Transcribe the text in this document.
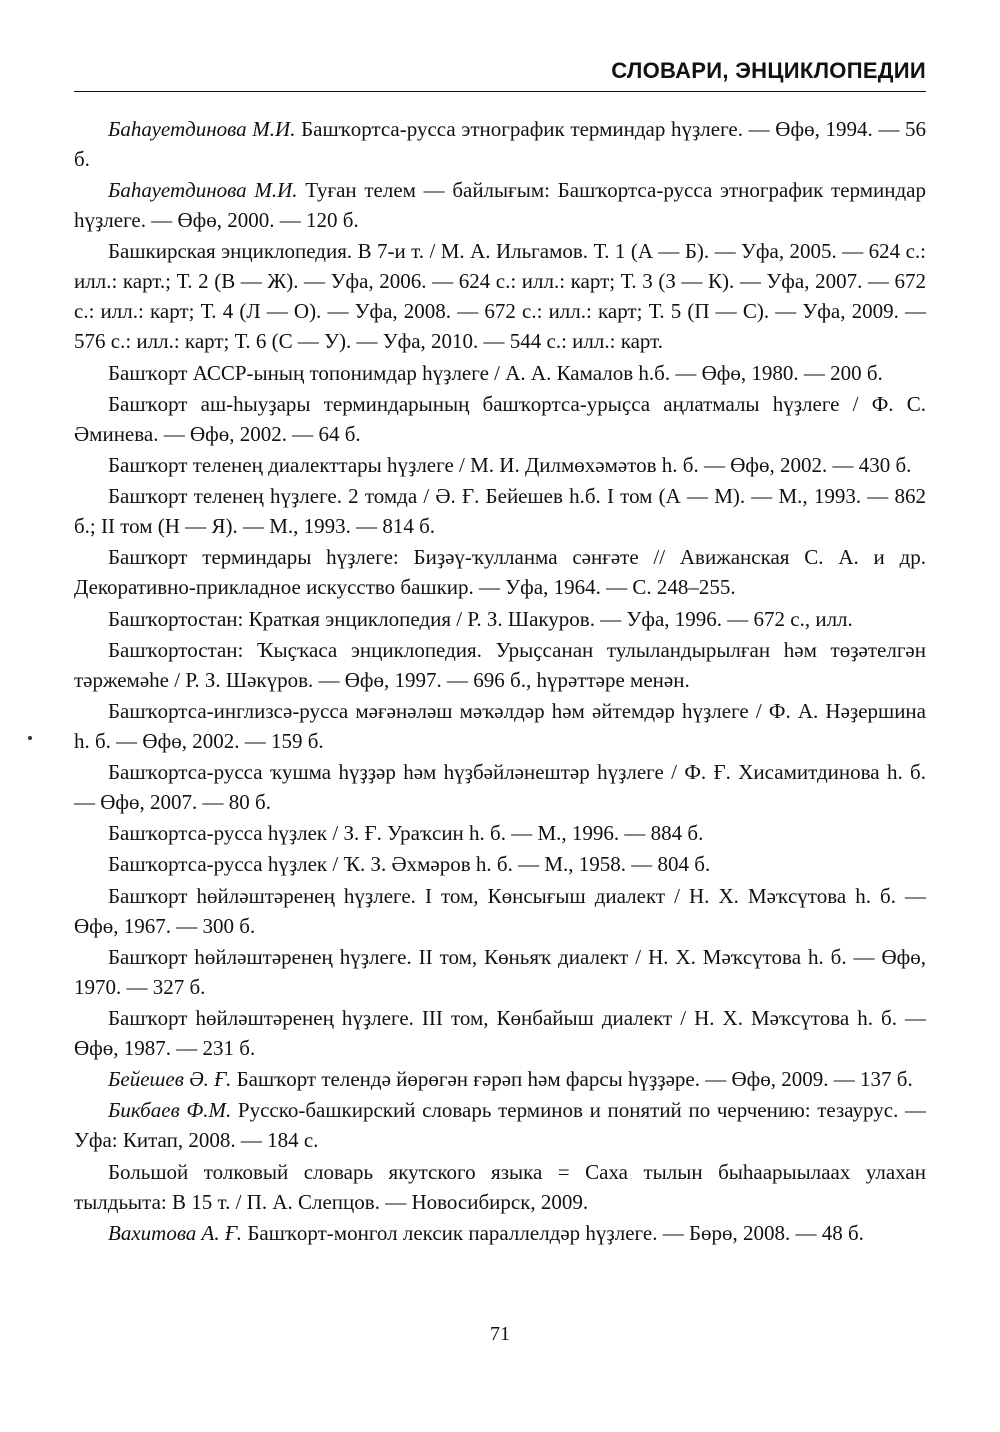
СЛОВАРИ, ЭНЦИКЛОПЕДИИ
Баһауетдинова М.И. Башҡортса-русса этнографик терминдар һүҙлеге. — Өфө, 1994. — 56 б.
Баһауетдинова М.И. Туған телем — байлығым: Башҡортса-русса этнографик терминдар һүҙлеге. — Өфө, 2000. — 120 б.
Башкирская энциклопедия. В 7-и т. / М. А. Ильгамов. Т. 1 (А — Б). — Уфа, 2005. — 624 с.: илл.: карт.; Т. 2 (В — Ж). — Уфа, 2006. — 624 с.: илл.: карт; Т. 3 (З — К). — Уфа, 2007. — 672 с.: илл.: карт; Т. 4 (Л — О). — Уфа, 2008. — 672 с.: илл.: карт; Т. 5 (П — С). — Уфа, 2009. — 576 с.: илл.: карт; Т. 6 (С — У). — Уфа, 2010. — 544 с.: илл.: карт.
Башҡорт АССР-ының топонимдар һүҙлеге / А. А. Камалов һ.б. — Өфө, 1980. — 200 б.
Башҡорт аш-һыуҙары терминдарының башҡортса-урыҫса аңлатмалы һүҙлеге / Ф. С. Әминева. — Өфө, 2002. — 64 б.
Башҡорт теленең диалекттары һүҙлеге / М. И. Дилмөхәмәтов һ. б. — Өфө, 2002. — 430 б.
Башҡорт теленең һүҙлеге. 2 томда / Ә. Ғ. Бейешев һ.б. I том (А — М). — М., 1993. — 862 б.; II том (Н — Я). — М., 1993. — 814 б.
Башҡорт терминдары һүҙлеге: Биҙәү-ҡулланма сәнғәте // Авижанская С. А. и др. Декоративно-прикладное искусство башкир. — Уфа, 1964. — С. 248–255.
Башҡортостан: Краткая энциклопедия / Р. З. Шакуров. — Уфа, 1996. — 672 с., илл.
Башҡортостан: Ҡыҫҡаса энциклопедия. Урыҫсанан тулыландырылған һәм төҙәтелгән тәржемәһе / Р. З. Шәкүров. — Өфө, 1997. — 696 б., һүрәттәре менән.
Башҡортса-инглизсә-русса мәғәнәләш мәҡәлдәр һәм әйтемдәр һүҙлеге / Ф. А. Нәҙершина һ. б. — Өфө, 2002. — 159 б.
Башҡортса-русса ҡушма һүҙҙәр һәм һүҙбәйләнештәр һүҙлеге / Ф. Ғ. Хисамитдинова һ. б. — Өфө, 2007. — 80 б.
Башҡортса-русса һүҙлек / З. Ғ. Ураҡсин һ. б. — М., 1996. — 884 б.
Башҡортса-русса һүҙлек / Ҡ. З. Әхмәров һ. б. — М., 1958. — 804 б.
Башҡорт һөйләштәренең һүҙлеге. I том, Көнсығыш диалект / Н. Х. Мәҡсүтова һ. б. — Өфө, 1967. — 300 б.
Башҡорт һөйләштәренең һүҙлеге. II том, Көньяҡ диалект / Н. Х. Мәҡсүтова һ. б. — Өфө, 1970. — 327 б.
Башҡорт һөйләштәренең һүҙлеге. III том, Көнбайыш диалект / Н. Х. Мәҡсүтова һ. б. — Өфө, 1987. — 231 б.
Бейешев Ә. Ғ. Башҡорт телендә йөрөгән ғәрәп һәм фарсы һүҙҙәре. — Өфө, 2009. — 137 б.
Бикбаев Ф.М. Русско-башкирский словарь терминов и понятий по черчению: тезаурус. — Уфа: Китап, 2008. — 184 с.
Большой толковый словарь якутского языка = Саха тылын быһаарыылаах улахан тылдьыта: В 15 т. / П. А. Слепцов. — Новосибирск, 2009.
Вахитова А. Ғ. Башҡорт-монгол лексик параллелдәр һүҙлеге. — Бөрө, 2008. — 48 б.
71
